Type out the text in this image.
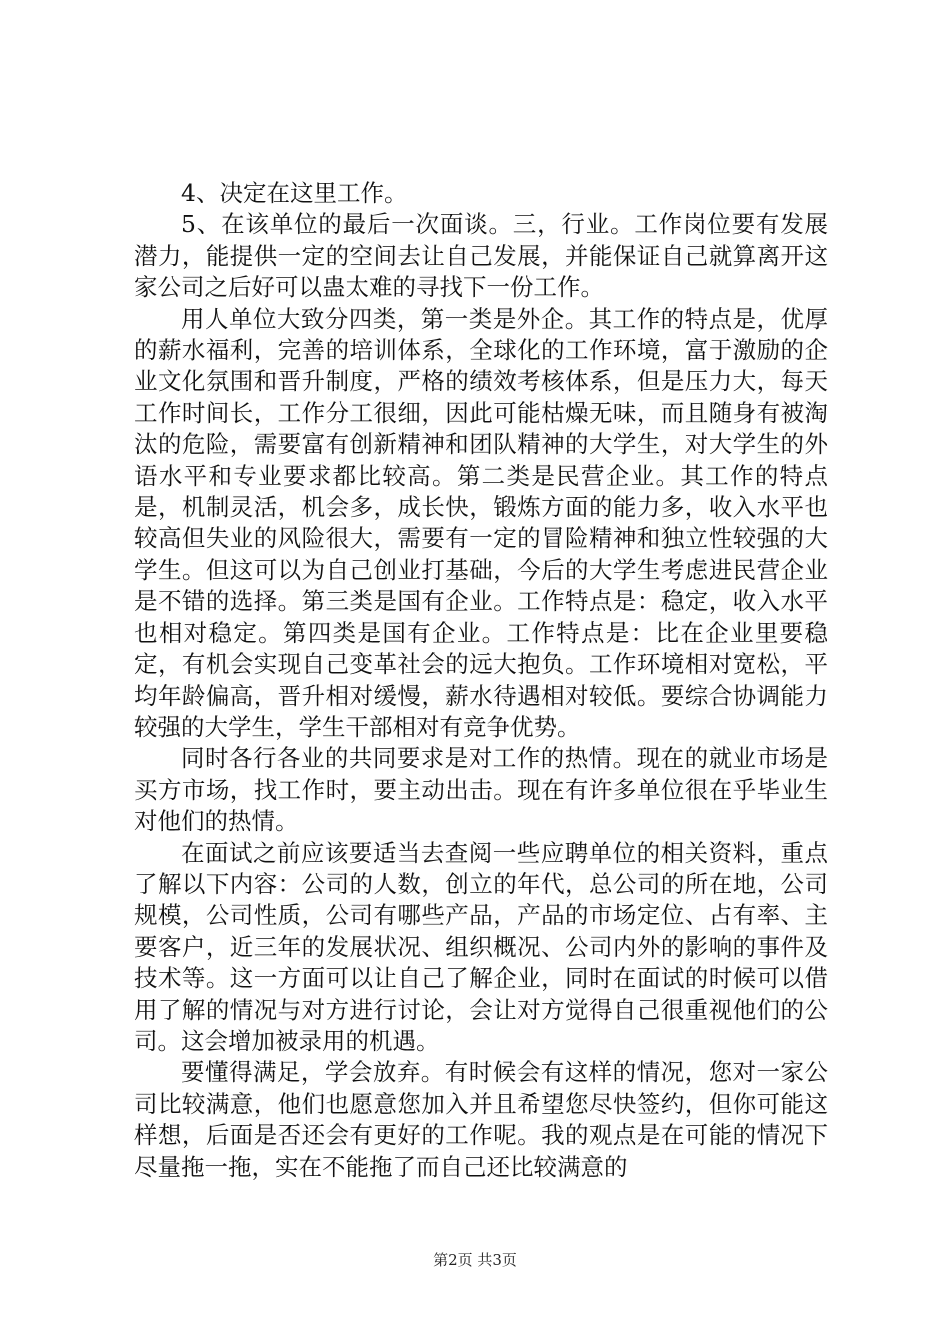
4、决定在这里工作。

5、在该单位的最后一次面谈。三，行业。工作岗位要有发展潜力，能提供一定的空间去让自己发展，并能保证自己就算离开这家公司之后好可以蛊太难的寻找下一份工作。

用人单位大致分四类，第一类是外企。其工作的特点是，优厚的薪水福利，完善的培训体系，全球化的工作环境，富于激励的企业文化氛围和晋升制度，严格的绩效考核体系，但是压力大，每天工作时间长，工作分工很细，因此可能枯燥无味，而且随身有被淘汰的危险，需要富有创新精神和团队精神的大学生，对大学生的外语水平和专业要求都比较高。第二类是民营企业。其工作的特点是，机制灵活，机会多，成长快，锻炼方面的能力多，收入水平也较高但失业的风险很大，需要有一定的冒险精神和独立性较强的大学生。但这可以为自己创业打基础，今后的大学生考虑进民营企业是不错的选择。第三类是国有企业。工作特点是：稳定，收入水平也相对稳定。第四类是国有企业。工作特点是：比在企业里要稳定，有机会实现自己变革社会的远大抱负。工作环境相对宽松，平均年龄偏高，晋升相对缓慢，薪水待遇相对较低。要综合协调能力较强的大学生，学生干部相对有竞争优势。

同时各行各业的共同要求是对工作的热情。现在的就业市场是买方市场，找工作时，要主动出击。现在有许多单位很在乎毕业生对他们的热情。

在面试之前应该要适当去查阅一些应聘单位的相关资料，重点了解以下内容：公司的人数，创立的年代，总公司的所在地，公司规模，公司性质，公司有哪些产品，产品的市场定位、占有率、主要客户，近三年的发展状况、组织概况、公司内外的影响的事件及技术等。这一方面可以让自己了解企业，同时在面试的时候可以借用了解的情况与对方进行讨论，会让对方觉得自己很重视他们的公司。这会增加被录用的机遇。

要懂得满足，学会放弃。有时候会有这样的情况，您对一家公司比较满意，他们也愿意您加入并且希望您尽快签约，但你可能这样想，后面是否还会有更好的工作呢。我的观点是在可能的情况下尽量拖一拖，实在不能拖了而自己还比较满意的

第2页 共3页
